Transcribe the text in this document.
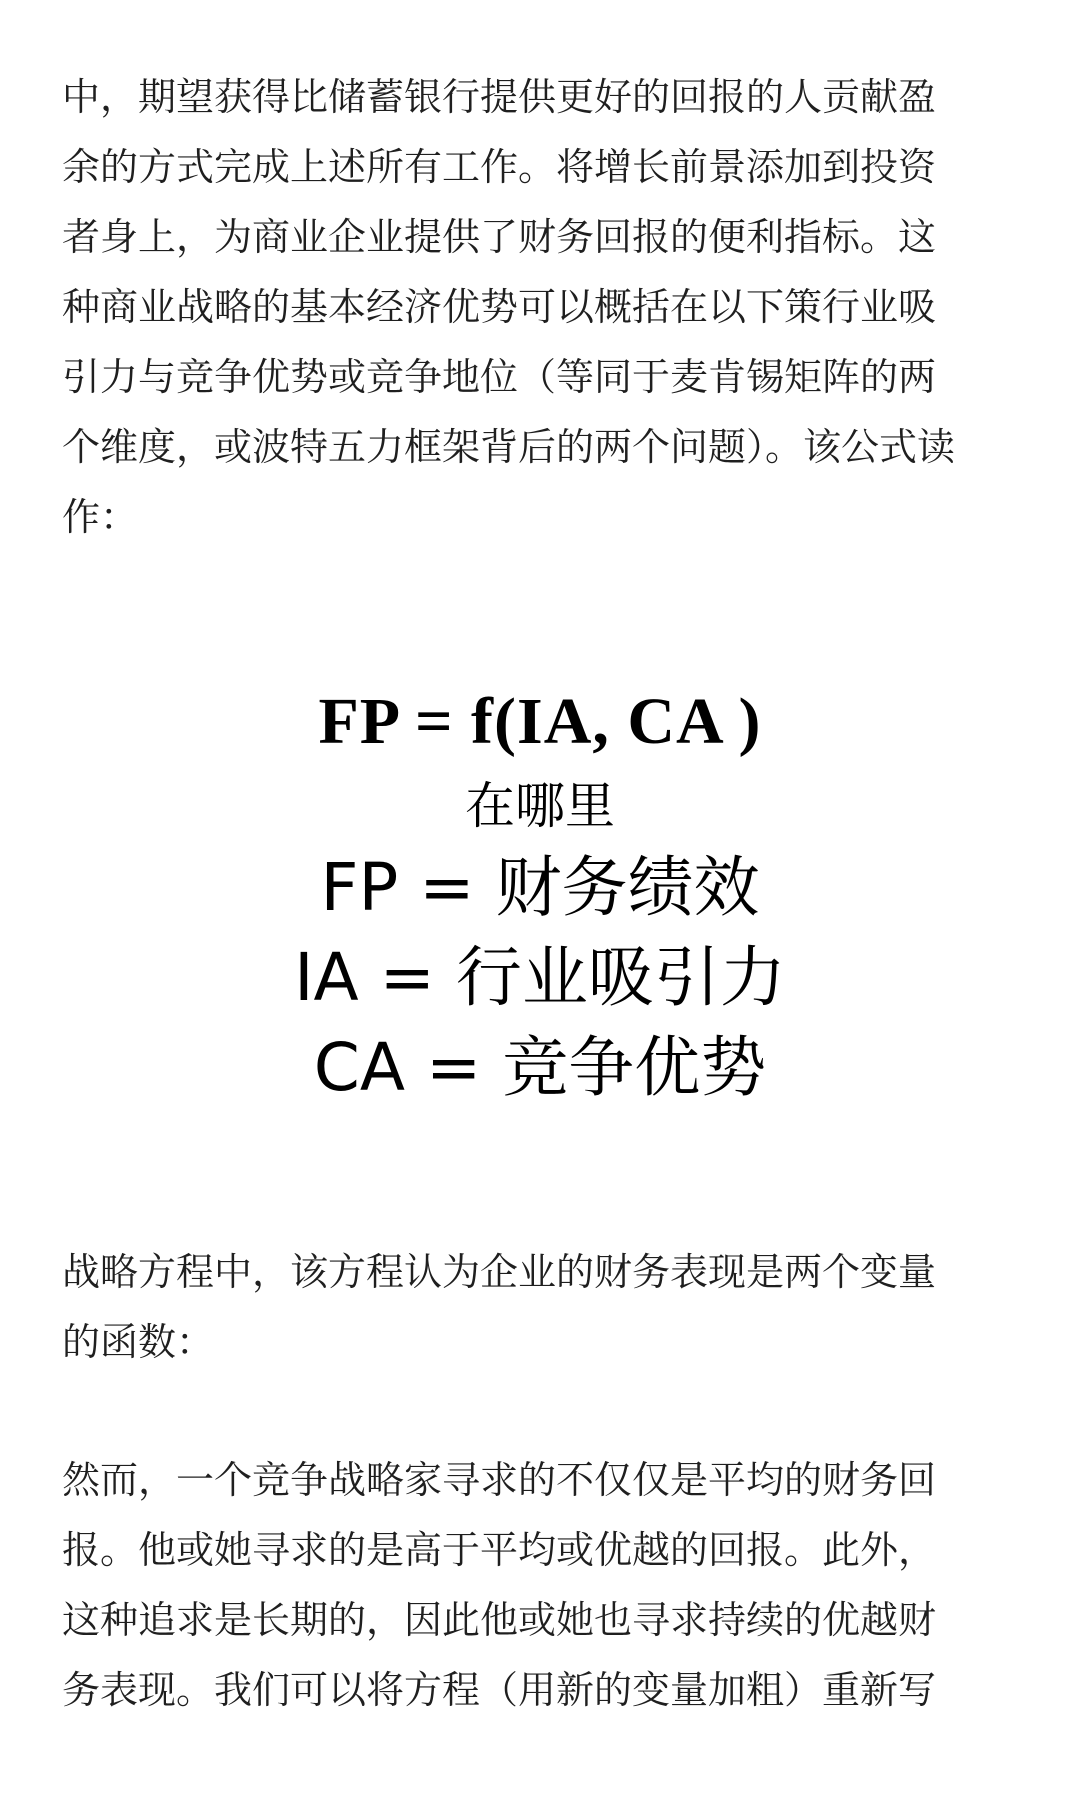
中，期望获得比储蓄银行提供更好的回报的人贡献盈
余的方式完成上述所有工作。将增长前景添加到投资
者身上，为商业企业提供了财务回报的便利指标。这
种商业战略的基本经济优势可以概括在以下策行业吸
引力与竞争优势或竞争地位（等同于麦肯锡矩阵的两
个维度，或波特五力框架背后的两个问题）。该公式读
作：
FP = f(IA, CA )
在哪里
FP = 财务绩效
IA = 行业吸引力
CA = 竞争优势
战略方程中，该方程认为企业的财务表现是两个变量
的函数：
然而，一个竞争战略家寻求的不仅仅是平均的财务回
报。他或她寻求的是高于平均或优越的回报。此外，
这种追求是长期的，因此他或她也寻求持续的优越财
务表现。我们可以将方程（用新的变量加粗）重新写
